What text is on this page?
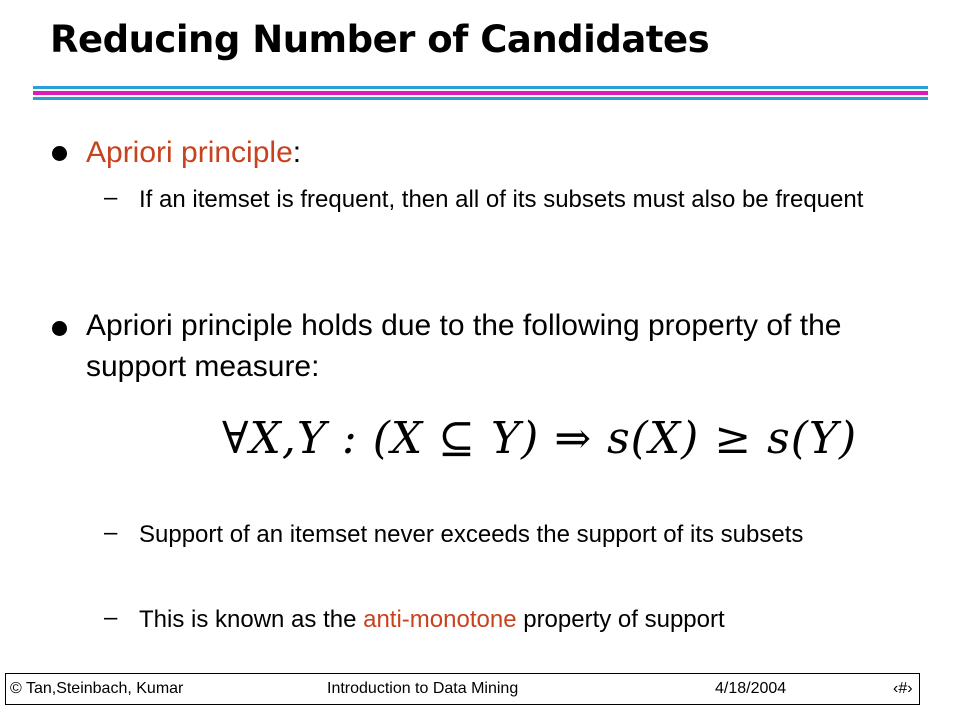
Reducing Number of Candidates
Apriori principle:
– If an itemset is frequent, then all of its subsets must also be frequent
Apriori principle holds due to the following property of the support measure:
∀X,Y : (X ⊆ Y) ⇒ s(X) ≥ s(Y)
– Support of an itemset never exceeds the support of its subsets
– This is known as the anti-monotone property of support
© Tan,Steinbach, Kumar	Introduction to Data Mining	4/18/2004	‹#›
